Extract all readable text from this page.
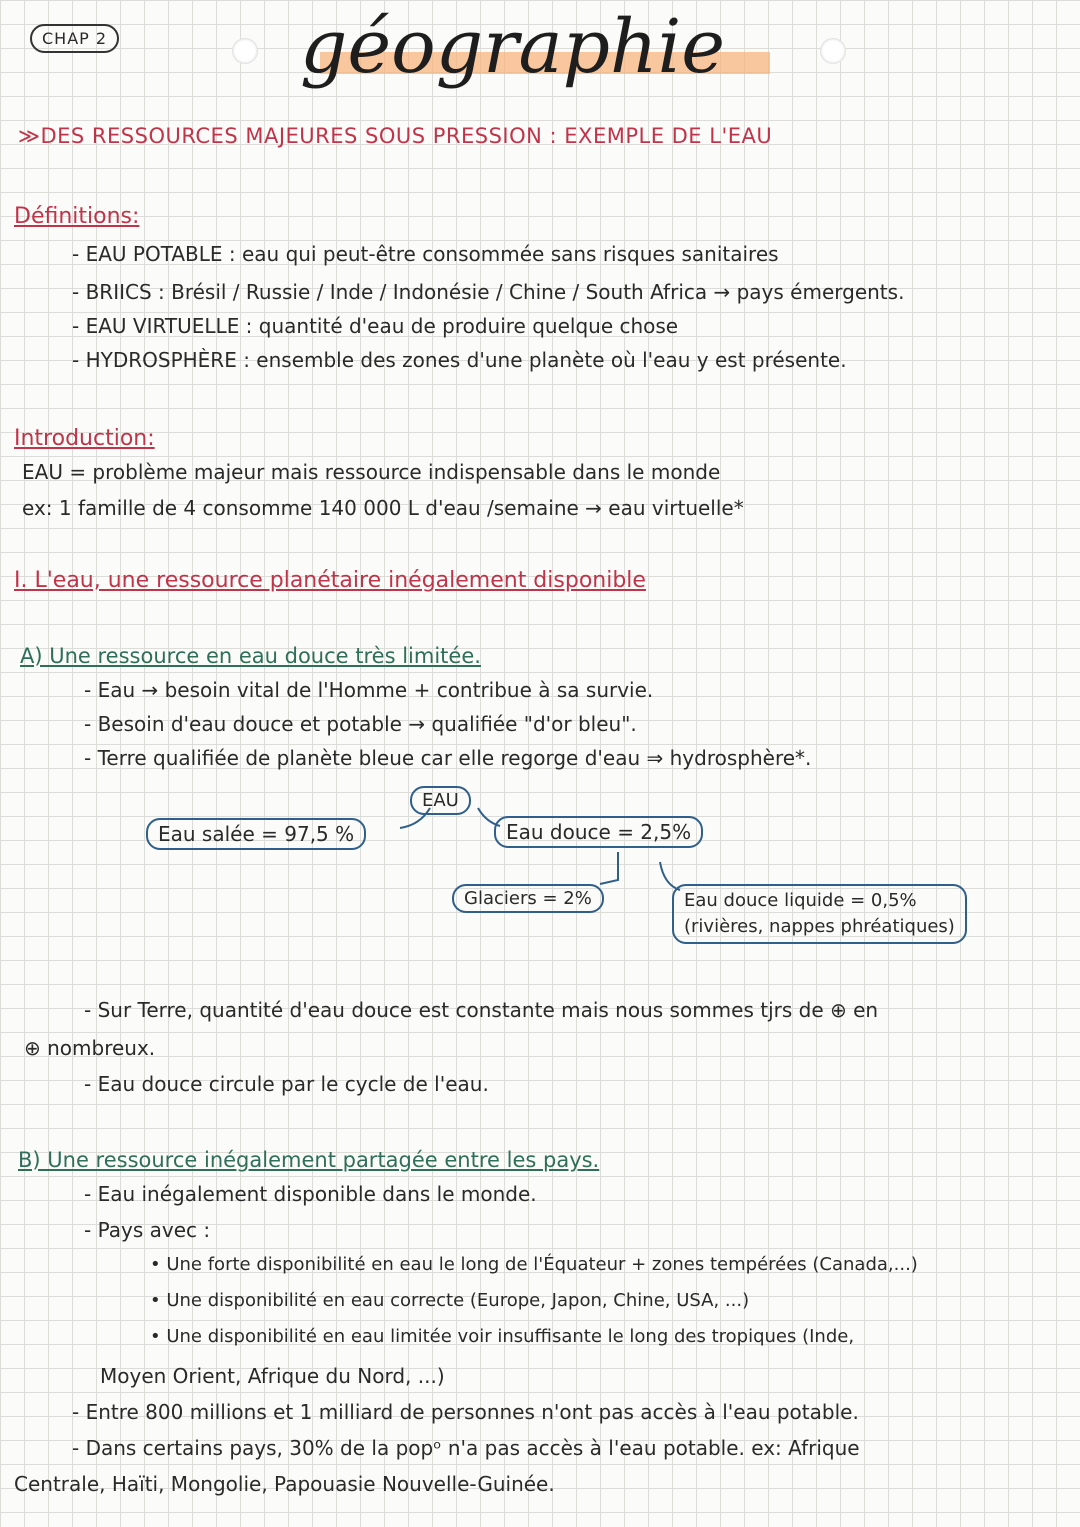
CHAP 2	géographie
≫DES RESSOURCES MAJEURES SOUS PRESSION : EXEMPLE DE L'EAU
Définitions:
- EAU POTABLE : eau qui peut-être consommée sans risques sanitaires
- BRIICS : Brésil / Russie / Inde / Indonésie / Chine / South Africa → pays émergents.
- EAU VIRTUELLE : quantité d'eau de produire quelque chose
- HYDROSPHÈRE : ensemble des zones d'une planète où l'eau y est présente.
Introduction:
EAU = problème majeur mais ressource indispensable dans le monde
ex: 1 famille de 4 consomme 140 000 L d'eau /semaine → eau virtuelle*
I. L'eau, une ressource planétaire inégalement disponible
A) Une ressource en eau douce très limitée.
- Eau → besoin vital de l'Homme + contribue à sa survie.
- Besoin d'eau douce et potable → qualifiée "d'or bleu".
- Terre qualifiée de planète bleue car elle regorge d'eau ⇒ hydrosphère*.
EAU
Eau salée = 97,5 %	Eau douce = 2,5%
Glaciers = 2%	Eau douce liquide = 0,5%
(rivières, nappes phréatiques)
- Sur Terre, quantité d'eau douce est constante mais nous sommes tjrs de ⊕ en
⊕ nombreux.
- Eau douce circule par le cycle de l'eau.
B) Une ressource inégalement partagée entre les pays.
- Eau inégalement disponible dans le monde.
- Pays avec :
• Une forte disponibilité en eau le long de l'Équateur + zones tempérées (Canada,...)
• Une disponibilité en eau correcte (Europe, Japon, Chine, USA, ...)
• Une disponibilité en eau limitée voir insuffisante le long des tropiques (Inde,
Moyen Orient, Afrique du Nord, ...)
- Entre 800 millions et 1 milliard de personnes n'ont pas accès à l'eau potable.
- Dans certains pays, 30% de la popᵒ n'a pas accès à l'eau potable. ex: Afrique
Centrale, Haïti, Mongolie, Papouasie Nouvelle-Guinée.
